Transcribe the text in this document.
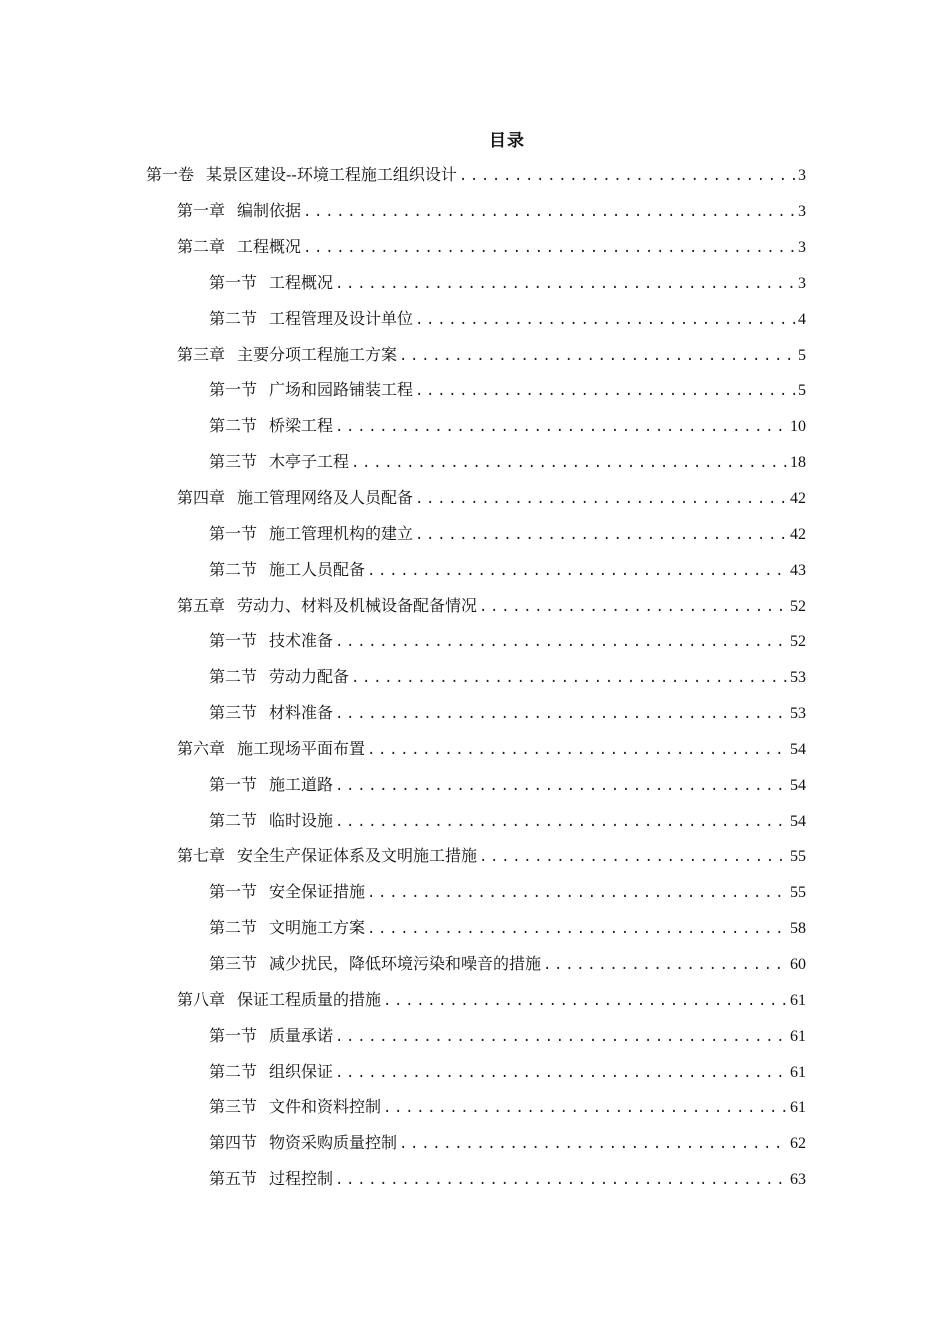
目录
第一卷 某景区建设--环境工程施工组织设计 .....	3
第一章 编制依据 .....	3
第二章 工程概况 .....	3
第一节 工程概况 .....	3
第二节 工程管理及设计单位 .....	4
第三章 主要分项工程施工方案 .....	5
第一节 广场和园路铺装工程 .....	5
第二节 桥梁工程 .....	10
第三节 木亭子工程 .....	18
第四章 施工管理网络及人员配备 .....	42
第一节 施工管理机构的建立 .....	42
第二节 施工人员配备 .....	43
第五章 劳动力、材料及机械设备配备情况 .....	52
第一节 技术准备 .....	52
第二节 劳动力配备 .....	53
第三节 材料准备 .....	53
第六章 施工现场平面布置 .....	54
第一节 施工道路 .....	54
第二节 临时设施 .....	54
第七章 安全生产保证体系及文明施工措施 .....	55
第一节 安全保证措施 .....	55
第二节 文明施工方案 .....	58
第三节 减少扰民，降低环境污染和噪音的措施 .....	60
第八章 保证工程质量的措施 .....	61
第一节 质量承诺 .....	61
第二节 组织保证 .....	61
第三节 文件和资料控制 .....	61
第四节 物资采购质量控制 .....	62
第五节 过程控制 .....	63
